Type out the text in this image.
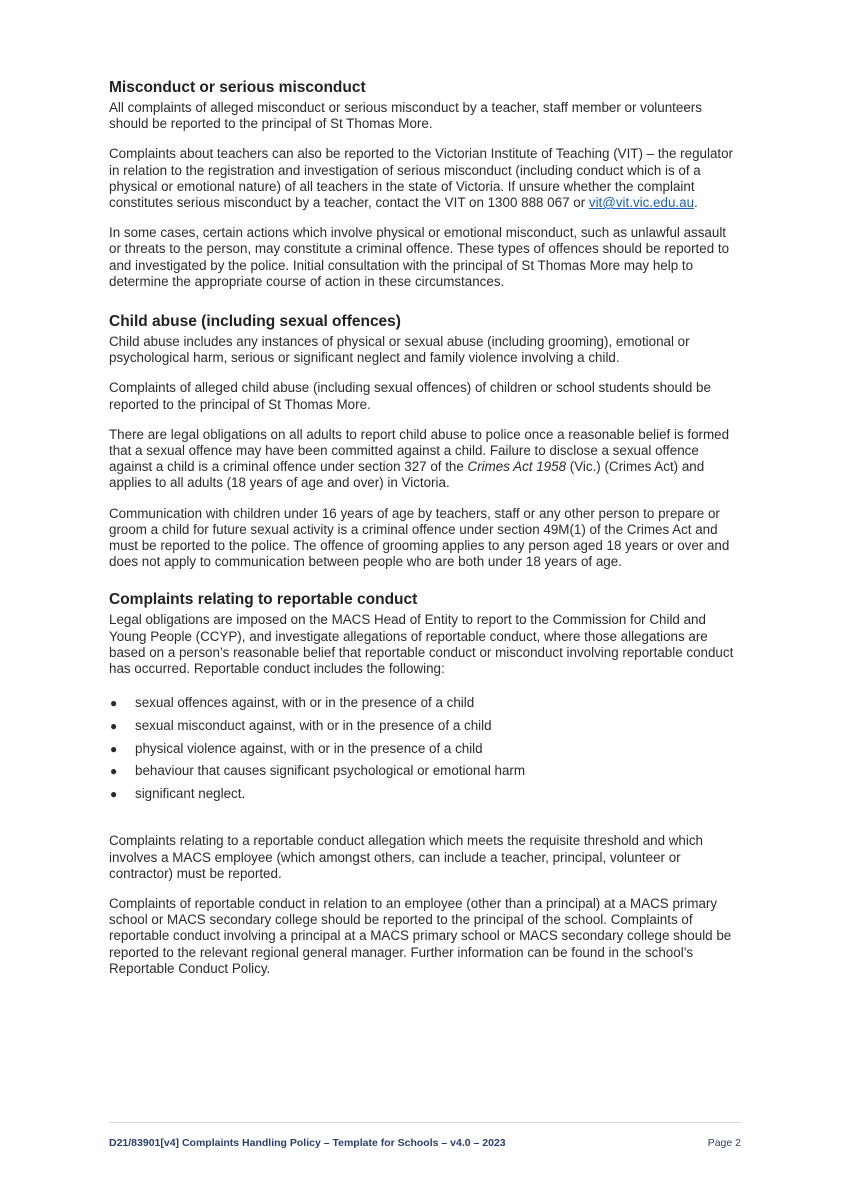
Misconduct or serious misconduct

All complaints of alleged misconduct or serious misconduct by a teacher, staff member or volunteers should be reported to the principal of St Thomas More.

Complaints about teachers can also be reported to the Victorian Institute of Teaching (VIT) – the regulator in relation to the registration and investigation of serious misconduct (including conduct which is of a physical or emotional nature) of all teachers in the state of Victoria. If unsure whether the complaint constitutes serious misconduct by a teacher, contact the VIT on 1300 888 067 or vit@vit.vic.edu.au.

In some cases, certain actions which involve physical or emotional misconduct, such as unlawful assault or threats to the person, may constitute a criminal offence. These types of offences should be reported to and investigated by the police. Initial consultation with the principal of St Thomas More may help to determine the appropriate course of action in these circumstances.

Child abuse (including sexual offences)

Child abuse includes any instances of physical or sexual abuse (including grooming), emotional or psychological harm, serious or significant neglect and family violence involving a child.

Complaints of alleged child abuse (including sexual offences) of children or school students should be reported to the principal of St Thomas More.

There are legal obligations on all adults to report child abuse to police once a reasonable belief is formed that a sexual offence may have been committed against a child. Failure to disclose a sexual offence against a child is a criminal offence under section 327 of the Crimes Act 1958 (Vic.) (Crimes Act) and applies to all adults (18 years of age and over) in Victoria.

Communication with children under 16 years of age by teachers, staff or any other person to prepare or groom a child for future sexual activity is a criminal offence under section 49M(1) of the Crimes Act and must be reported to the police. The offence of grooming applies to any person aged 18 years or over and does not apply to communication between people who are both under 18 years of age.

Complaints relating to reportable conduct

Legal obligations are imposed on the MACS Head of Entity to report to the Commission for Child and Young People (CCYP), and investigate allegations of reportable conduct, where those allegations are based on a person’s reasonable belief that reportable conduct or misconduct involving reportable conduct has occurred. Reportable conduct includes the following:

● sexual offences against, with or in the presence of a child
● sexual misconduct against, with or in the presence of a child
● physical violence against, with or in the presence of a child
● behaviour that causes significant psychological or emotional harm
● significant neglect.

Complaints relating to a reportable conduct allegation which meets the requisite threshold and which involves a MACS employee (which amongst others, can include a teacher, principal, volunteer or contractor) must be reported.

Complaints of reportable conduct in relation to an employee (other than a principal) at a MACS primary school or MACS secondary college should be reported to the principal of the school. Complaints of reportable conduct involving a principal at a MACS primary school or MACS secondary college should be reported to the relevant regional general manager. Further information can be found in the school’s Reportable Conduct Policy.

D21/83901[v4] Complaints Handling Policy – Template for Schools – v4.0 – 2023	Page 2
